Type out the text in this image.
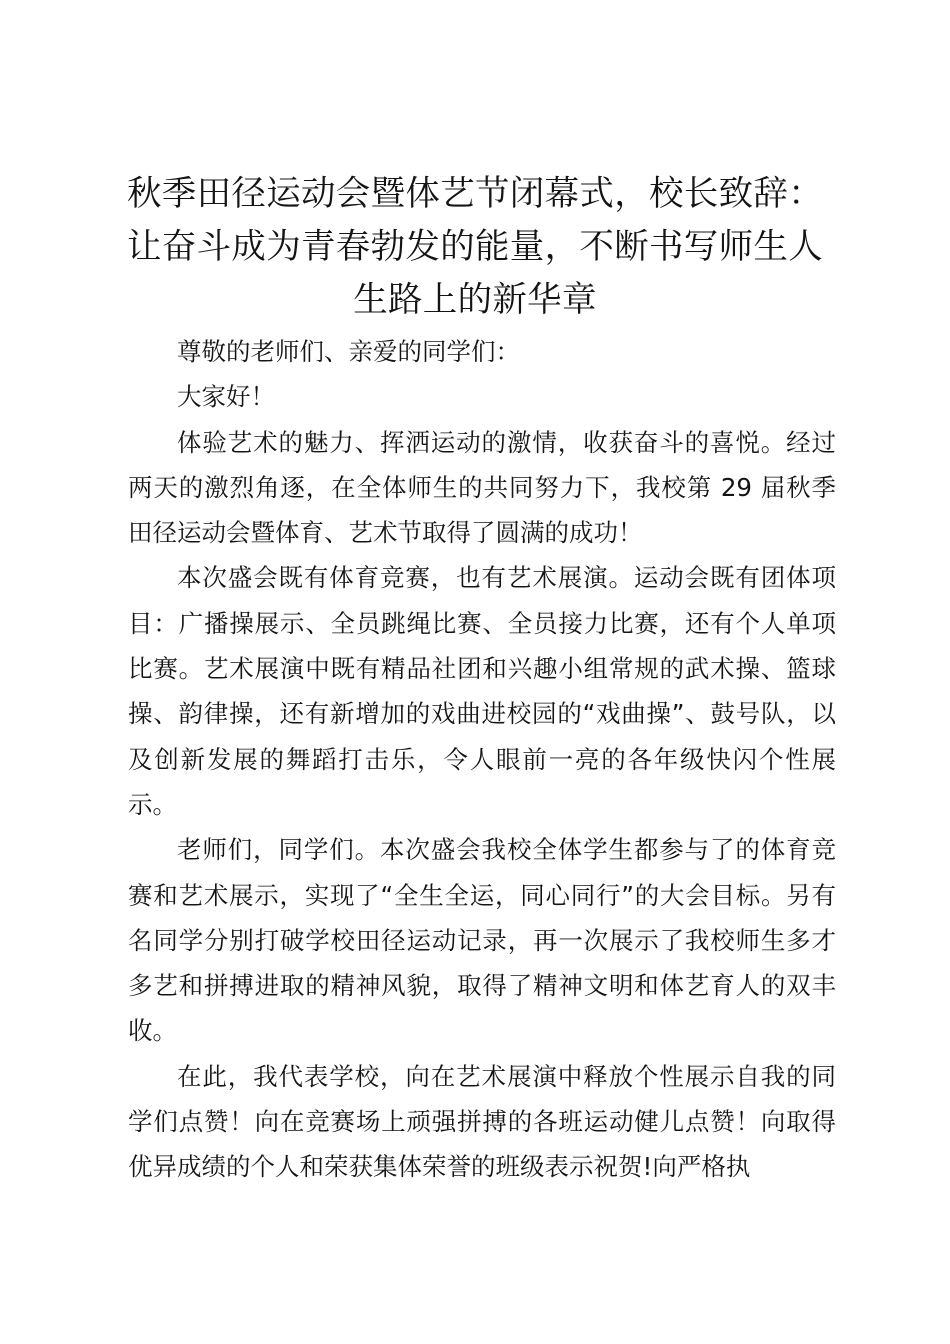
秋季田径运动会暨体艺节闭幕式，校长致辞：让奋斗成为青春勃发的能量，不断书写师生人生路上的新华章

尊敬的老师们、亲爱的同学们：

大家好！

体验艺术的魅力、挥洒运动的激情，收获奋斗的喜悦。经过两天的激烈角逐，在全体师生的共同努力下，我校第 29 届秋季田径运动会暨体育、艺术节取得了圆满的成功！

本次盛会既有体育竞赛，也有艺术展演。运动会既有团体项目：广播操展示、全员跳绳比赛、全员接力比赛，还有个人单项比赛。艺术展演中既有精品社团和兴趣小组常规的武术操、篮球操、韵律操，还有新增加的戏曲进校园的“戏曲操”、鼓号队，以及创新发展的舞蹈打击乐，令人眼前一亮的各年级快闪个性展示。

老师们，同学们。本次盛会我校全体学生都参与了的体育竞赛和艺术展示，实现了“全生全运，同心同行”的大会目标。另有名同学分别打破学校田径运动记录，再一次展示了我校师生多才多艺和拼搏进取的精神风貌，取得了精神文明和体艺育人的双丰收。

在此，我代表学校，向在艺术展演中释放个性展示自我的同学们点赞！向在竞赛场上顽强拼搏的各班运动健儿点赞！向取得优异成绩的个人和荣获集体荣誉的班级表示祝贺!向严格执
